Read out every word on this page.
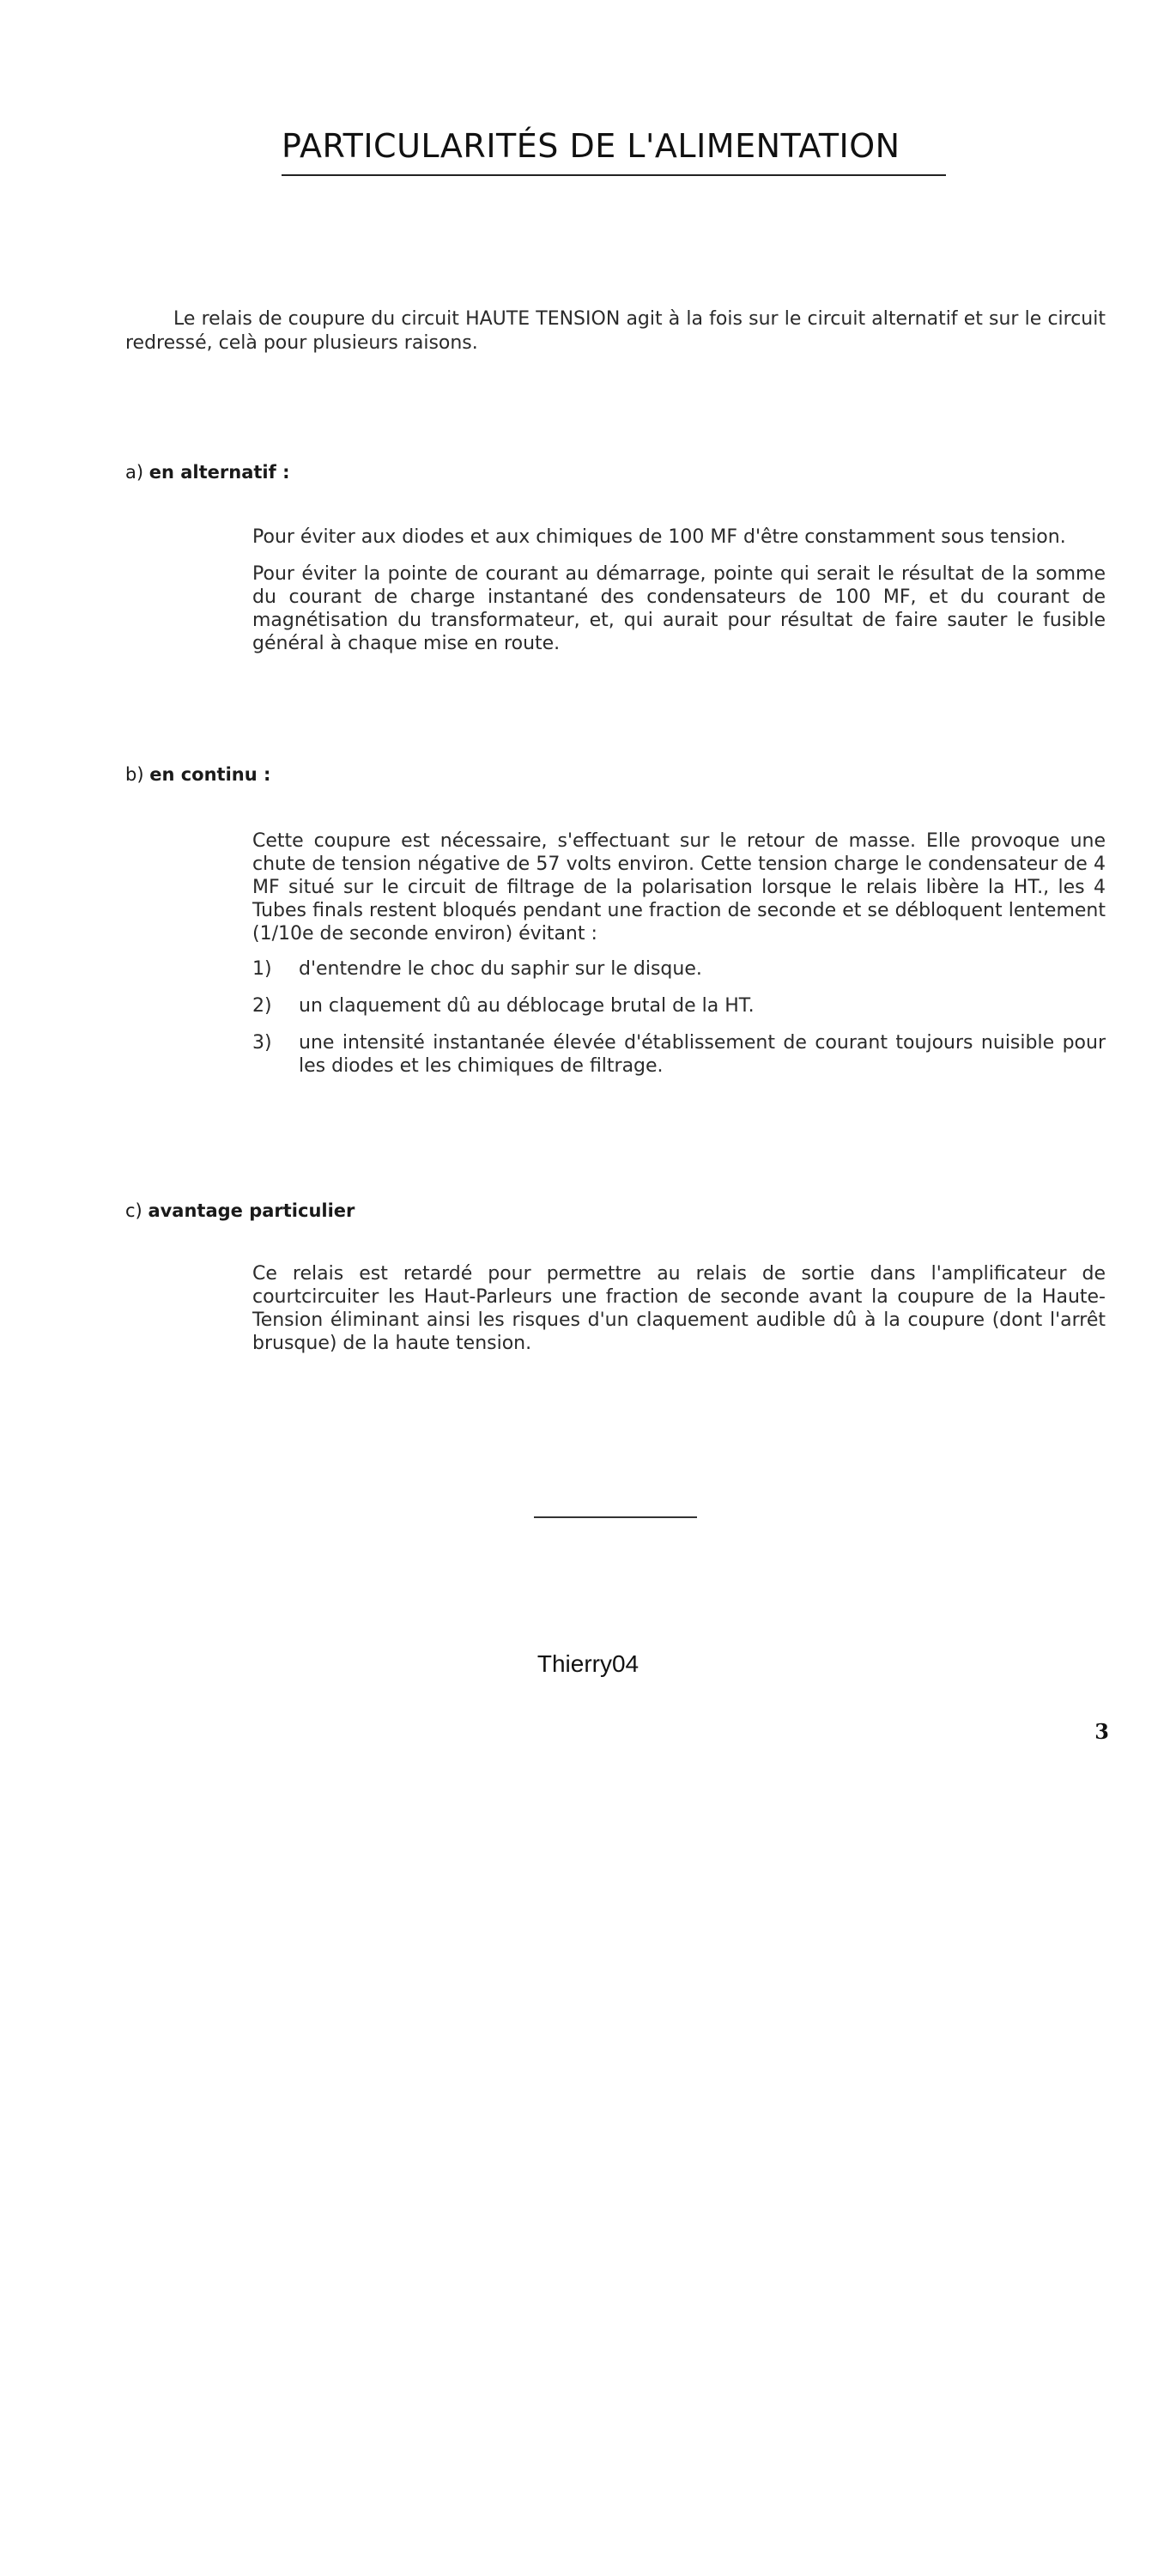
PARTICULARITÉS DE L'ALIMENTATION

Le relais de coupure du circuit HAUTE TENSION agit à la fois sur le circuit alternatif et sur le circuit redressé, celà pour plusieurs raisons.

a) en alternatif :

Pour éviter aux diodes et aux chimiques de 100 MF d'être constamment sous tension.

Pour éviter la pointe de courant au démarrage, pointe qui serait le résultat de la somme du courant de charge instantané des condensateurs de 100 MF, et du courant de magnétisation du transformateur, et, qui aurait pour résultat de faire sauter le fusible général à chaque mise en route.

b) en continu :

Cette coupure est nécessaire, s'effectuant sur le retour de masse. Elle provoque une chute de tension négative de 57 volts environ. Cette tension charge le condensateur de 4 MF situé sur le circuit de filtrage de la polarisation lorsque le relais libère la HT., les 4 Tubes finals restent bloqués pendant une fraction de seconde et se débloquent lentement (1/10e de seconde environ) évitant :

1)	d'entendre le choc du saphir sur le disque.
2)	un claquement dû au déblocage brutal de la HT.
3)	une intensité instantanée élevée d'établissement de courant toujours nuisible pour les diodes et les chimiques de filtrage.

c) avantage particulier

Ce relais est retardé pour permettre au relais de sortie dans l'amplificateur de courtcircuiter les Haut-Parleurs une fraction de seconde avant la coupure de la Haute-Tension éliminant ainsi les risques d'un claquement audible dû à la coupure (dont l'arrêt brusque) de la haute tension.

Thierry04

3
